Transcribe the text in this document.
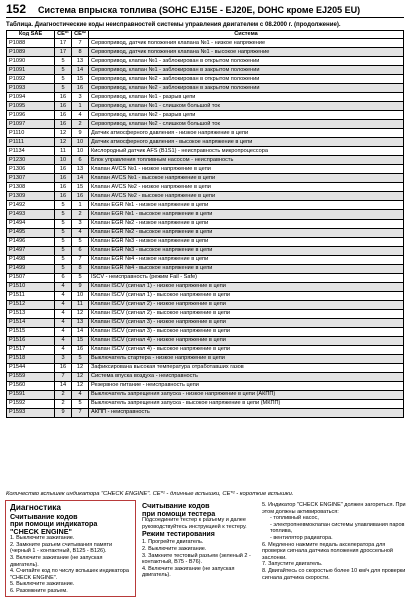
152 Система впрыска топлива (SOHC EJ15E - EJ20E, DOHC кроме EJ205 EU)
Таблица. Диагностические коды неисправностей системы управления двигателем с 08.2000 г. (продолжение).
Код SAE	CE*¹	CE*²	Система
P1088	17	7	Сервопривод, датчик положения клапана №1 - низкое напряжение
P1089	17	8	Сервопривод, датчик положения клапана №1 - высокое напряжение
P1090	5	13	Сервопривод, клапан №1 - заблокирован в открытом положении
P1091	5	14	Сервопривод, клапан №1 - заблокирован в закрытом положении
P1092	5	15	Сервопривод, клапан №2 - заблокирован в открытом положении
P1093	5	16	Сервопривод, клапан №2 - заблокирован в закрытом положении
P1094	16	3	Сервопривод, клапан №1 - разрыв цепи
P1095	16	1	Сервопривод, клапан №1 - слишком большой ток
P1096	16	4	Сервопривод, клапан №2 - разрыв цепи
P1097	16	2	Сервопривод, клапан №2 - слишком большой ток
P1110	12	9	Датчик атмосферного давления - низкое напряжение в цепи
P1111	12	10	Датчик атмосферного давления - высокое напряжение в цепи
P1134	11	10	Кислородный датчик AFS (B1S1) - неисправность микропроцессора
P1230	10	6	Блок управления топливным насосом - неисправность
P1306	16	13	Клапан AVCS №1 - низкое напряжение в цепи
P1307	16	14	Клапан AVCS №1 - высокое напряжение в цепи
P1308	16	15	Клапан AVCS №2 - низкое напряжение в цепи
P1309	16	16	Клапан AVCS №2 - высокое напряжение в цепи
P1492	5	1	Клапан EGR №1 - низкое напряжение в цепи
P1493	5	2	Клапан EGR №1 - высокое напряжение в цепи
P1494	5	3	Клапан EGR №2 - низкое напряжение в цепи
P1495	5	4	Клапан EGR №2 - высокое напряжение в цепи
P1496	5	5	Клапан EGR №3 - низкое напряжение в цепи
P1497	5	6	Клапан EGR №3 - высокое напряжение в цепи
P1498	5	7	Клапан EGR №4 - низкое напряжение в цепи
P1499	5	8	Клапан EGR №4 - высокое напряжение в цепи
P1507	6	5	ISCV - неисправность (режим Fail - Safe)
P1510	4	9	Клапан ISCV (сигнал 1) - низкое напряжение в цепи
P1511	4	10	Клапан ISCV (сигнал 1) - высокое напряжение в цепи
P1512	4	11	Клапан ISCV (сигнал 2) - низкое напряжение в цепи
P1513	4	12	Клапан ISCV (сигнал 2) - высокое напряжение в цепи
P1514	4	13	Клапан ISCV (сигнал 3) - низкое напряжение в цепи
P1515	4	14	Клапан ISCV (сигнал 3) - высокое напряжение в цепи
P1516	4	15	Клапан ISCV (сигнал 4) - низкое напряжение в цепи
P1517	4	16	Клапан ISCV (сигнал 4) - высокое напряжение в цепи
P1518	3	5	Выключатель стартера - низкое напряжение в цепи
P1544	16	12	Зафиксирована высокая температура отработавших газов
P1559	7	12	Система впуска воздуха - неисправность
P1560	14	12	Резервное питание - неисправность цепи
P1591	2	4	Выключатель запрещения запуска - низкое напряжение в цепи (АКПП)
P1592	2	5	Выключатель запрещения запуска - высокое напряжение в цепи (МКПП)
P1593	9	7	АКПП - неисправность
Количество вспышек индикатора "CHECK ENGINE". CE*¹ - длинные вспышки, CE*² - короткие вспышки.
Диагностика
Считывание кодов
при помощи индикатора
"CHECK ENGINE"

1. Выключите зажигание.

2. Замкните разъем считывания памяти (черный 1 - контактный, B125 - B126).

3. Включите зажигание (не запуская двигатель).

4. Считайте код по числу вспышек индикатора "CHECK ENGINE".

5. Выключите зажигание.

6. Разомкните разъем.

Считывание кодов
при помощи тестера
Подсоедините тестер к разъему и далее руководствуйтесь инструкцией к тестеру.
Режим тестирования

1. Прогрейте двигатель.

2. Выключите зажигание.

3. Замкните тестовый разъем (зеленый 2 - контактный, B75 - B76).

4. Включите зажигание (не запуская двигатель).

5. Индикатор "CHECK ENGINE" должен загореться. При этом должны активироваться:

- топливный насос,

- электропневмоклапан системы улавливания паров топлива,

- вентилятор радиатора.

6. Медленно нажмите педаль акселератора для проверки сигнала датчика положения дроссельной заслонки.

7. Запустите двигатель.

8. Двигайтесь со скоростью более 10 км/ч для проверки сигнала датчика скорости.
